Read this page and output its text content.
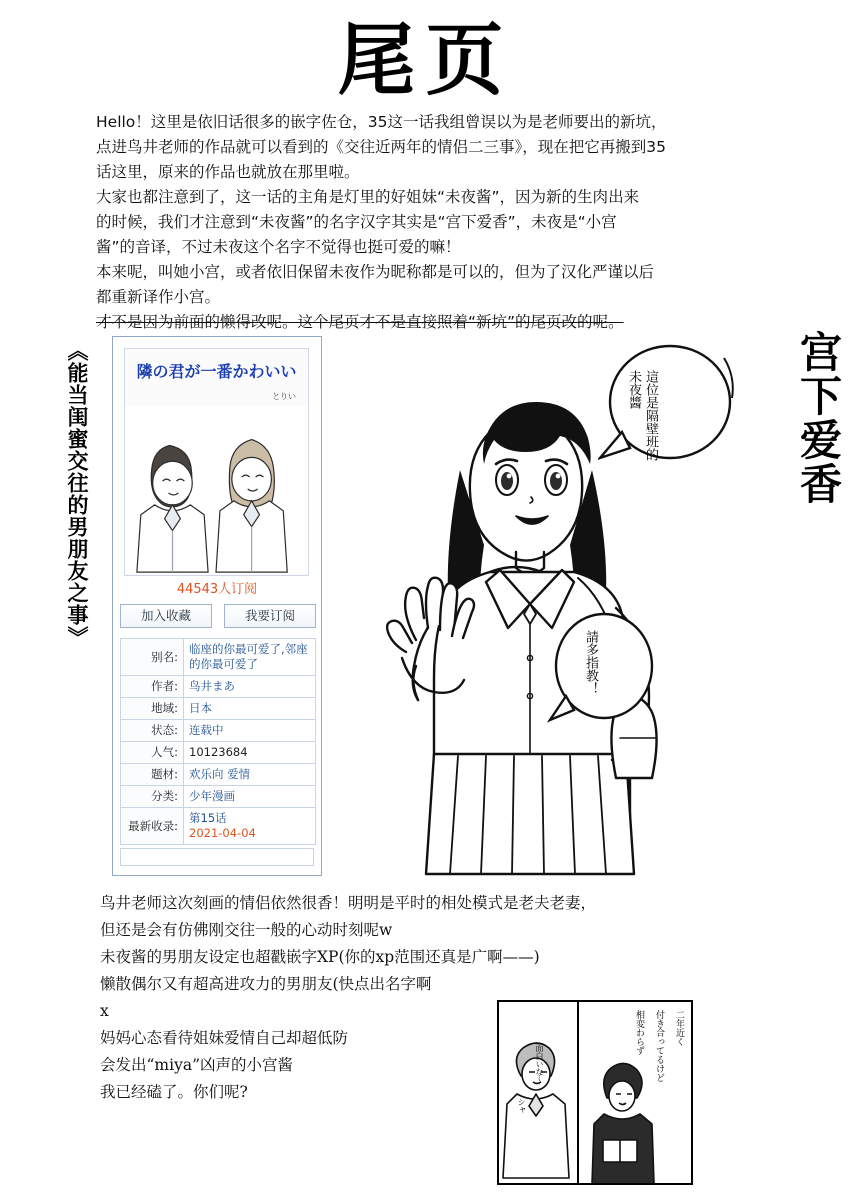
尾页

Hello！这里是依旧话很多的嵌字佐仓，35这一话我组曾误以为是老师要出的新坑，

点进鸟井老师的作品就可以看到的《交往近两年的情侣二三事》，现在把它再搬到35

话这里，原来的作品也就放在那里啦。

大家也都注意到了，这一话的主角是灯里的好姐妹“未夜酱”，因为新的生肉出来

的时候，我们才注意到“未夜酱”的名字汉字其实是“宫下爱香”，未夜是“小宫

酱”的音译，不过未夜这个名字不觉得也挺可爱的嘛！

本来呢，叫她小宫，或者依旧保留未夜作为昵称都是可以的，但为了汉化严谨以后

都重新译作小宫。

才不是因为前面的懒得改呢。这个尾页才不是直接照着“新坑”的尾页改的呢。

《能当闺蜜交往的男朋友之事》	隣の君が一番かわいい
とりい
44543人订阅
加入收藏	我要订阅
别名:	临座的你最可爱了,邻座的你最可爱了
作者:	鸟井まあ
地域:	日本
状态:	连载中
人气:	10123684
题材:	欢乐向 爱情
分类:	少年漫画
最新收录:	第15话
2021-04-04
這位是隔壁班的未夜醬
請多指教！
宫下爱香

鸟井老师这次刻画的情侣依然很香！明明是平时的相处模式是老夫老妻，

但还是会有仿佛刚交往一般的心动时刻呢w

未夜酱的男朋友设定也超戳嵌字XP(你的xp范围还真是广啊——)

懒散偶尔又有超高进攻力的男朋友(快点出名字啊

x

妈妈心态看待姐妹爱情自己却超低防

会发出“miya”凶声的小宫酱

我已经磕了。你们呢?

二年近く
付き合ってるけど
相変わらず
面白いな～
シャ
